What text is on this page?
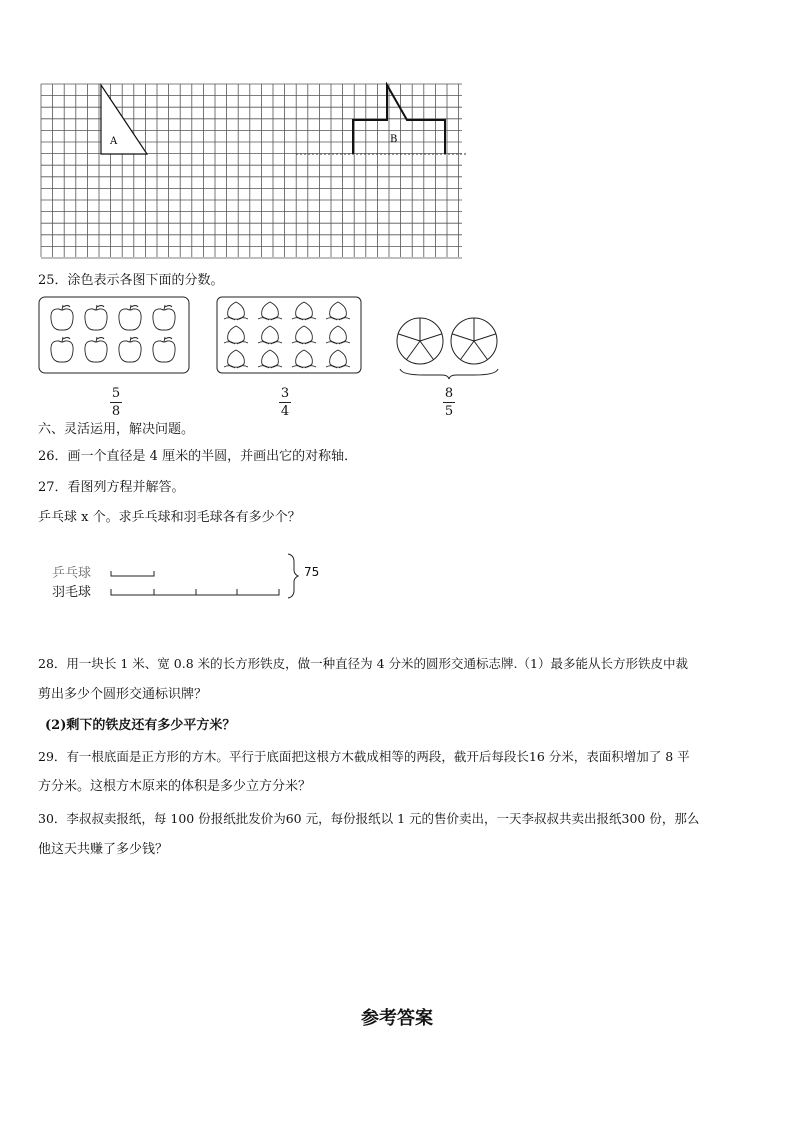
A	B
25．涂色表示各图下面的分数。
5
8
3
4
8
5
六、灵活运用，解决问题。
26．画一个直径是 4 厘米的半圆，并画出它的对称轴．
27．看图列方程并解答。
乒乓球 x 个。求乒乓球和羽毛球各有多少个？
乒乓球
羽毛球
75
28．用一块长 1 米、宽 0.8 米的长方形铁皮，做一种直径为 4 分米的圆形交通标志牌.（1）最多能从长方形铁皮中裁
剪出多少个圆形交通标识牌？
(2)剩下的铁皮还有多少平方米？
29．有一根底面是正方形的方木。平行于底面把这根方木截成相等的两段，截开后每段长16 分米，表面积增加了 8 平
方分米。这根方木原来的体积是多少立方分米？
30．李叔叔卖报纸，每 100 份报纸批发价为60 元，每份报纸以 1 元的售价卖出，一天李叔叔共卖出报纸300 份，那么
他这天共赚了多少钱？
参考答案
